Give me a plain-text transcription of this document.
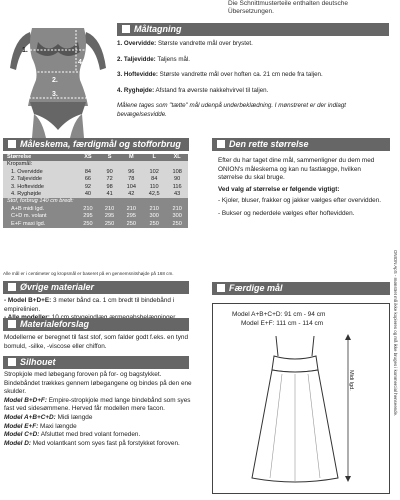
Die Schnittmusterteile enthalten deutsche Übersetzungen.
1.
2.
3.
4.
Måltagning

1. Overvidde: Største vandrette mål over brystet.

2. Taljevidde: Taljens mål.

3. Hoftevidde: Største vandrette mål over hoften ca. 21 cm nede fra taljen.

4. Ryghøjde: Afstand fra øverste nakkehvirvel til taljen.

Målene tages som "tætte" mål udenpå underbeklædning. I mønstreret er der indlagt bevægelsesvidde.

Måleskema, færdigmål og stofforbrug
Størrelse	XS	S	M	L	XL
Kropsmål:					
1. Overvidde	84	90	96	102	108
2. Taljevidde	66	72	78	84	90
3. Hoftevidde	92	98	104	110	116
4. Ryghøjde	40	41	42	42,5	43
Stof, forbrug 140 cm bredt:					
A+B midi lgd.	210	210	210	210	210
C+D m. volant	295	295	295	300	300
E+F maxi lgd.	250	250	250	250	250
Alle mål er i centimeter og kropsmål er baseret på en gennemsnitshøjde på 168 cm.
Øvrige materialer

- Model B+D+E: 3 meter bånd ca. 1 cm bredt til bindebånd i empirelinien.

Materialeforslag
Modellerne er beregnet til fast stof, som falder godt f.eks. en tynd bomuld, -silke, -viscose eller chiffon.
Silhouet

Stropkjole med løbegang foroven på for- og bagstykket. Bindebåndet trækkes gennem løbegangene og bindes på den ene skulder.

Model B+D+F: Empire-stropkjole med lange bindebånd som syes fast ved sidesømmene. Herved får modellen mere facon.

Model A+B+C+D: Midi længde

Model E+F: Maxi længde

Model C+D: Afsluttet med bred volant forneden.

Model D: Med volantkant som syes fast på forstykket foroven.

Den rette størrelse

Efter du har taget dine mål, sammenligner du dem med ONION's måleskema og kan nu fastlægge, hvilken størrelse du skal bruge.

Ved valg af størrelse er følgende vigtigt:

- Kjoler, bluser, frakker og jakker vælges efter overvidden.

- Bukser og nederdele vælges efter hoftevidden.

Færdige mål

Model A+B+C+D: 91 cm - 94 cm

Model E+F: 111 cm - 114 cm

Midi lgd.	ONION ApS - mønstret må ikke kopieres og må ikke bruges i kommercial henseende.
